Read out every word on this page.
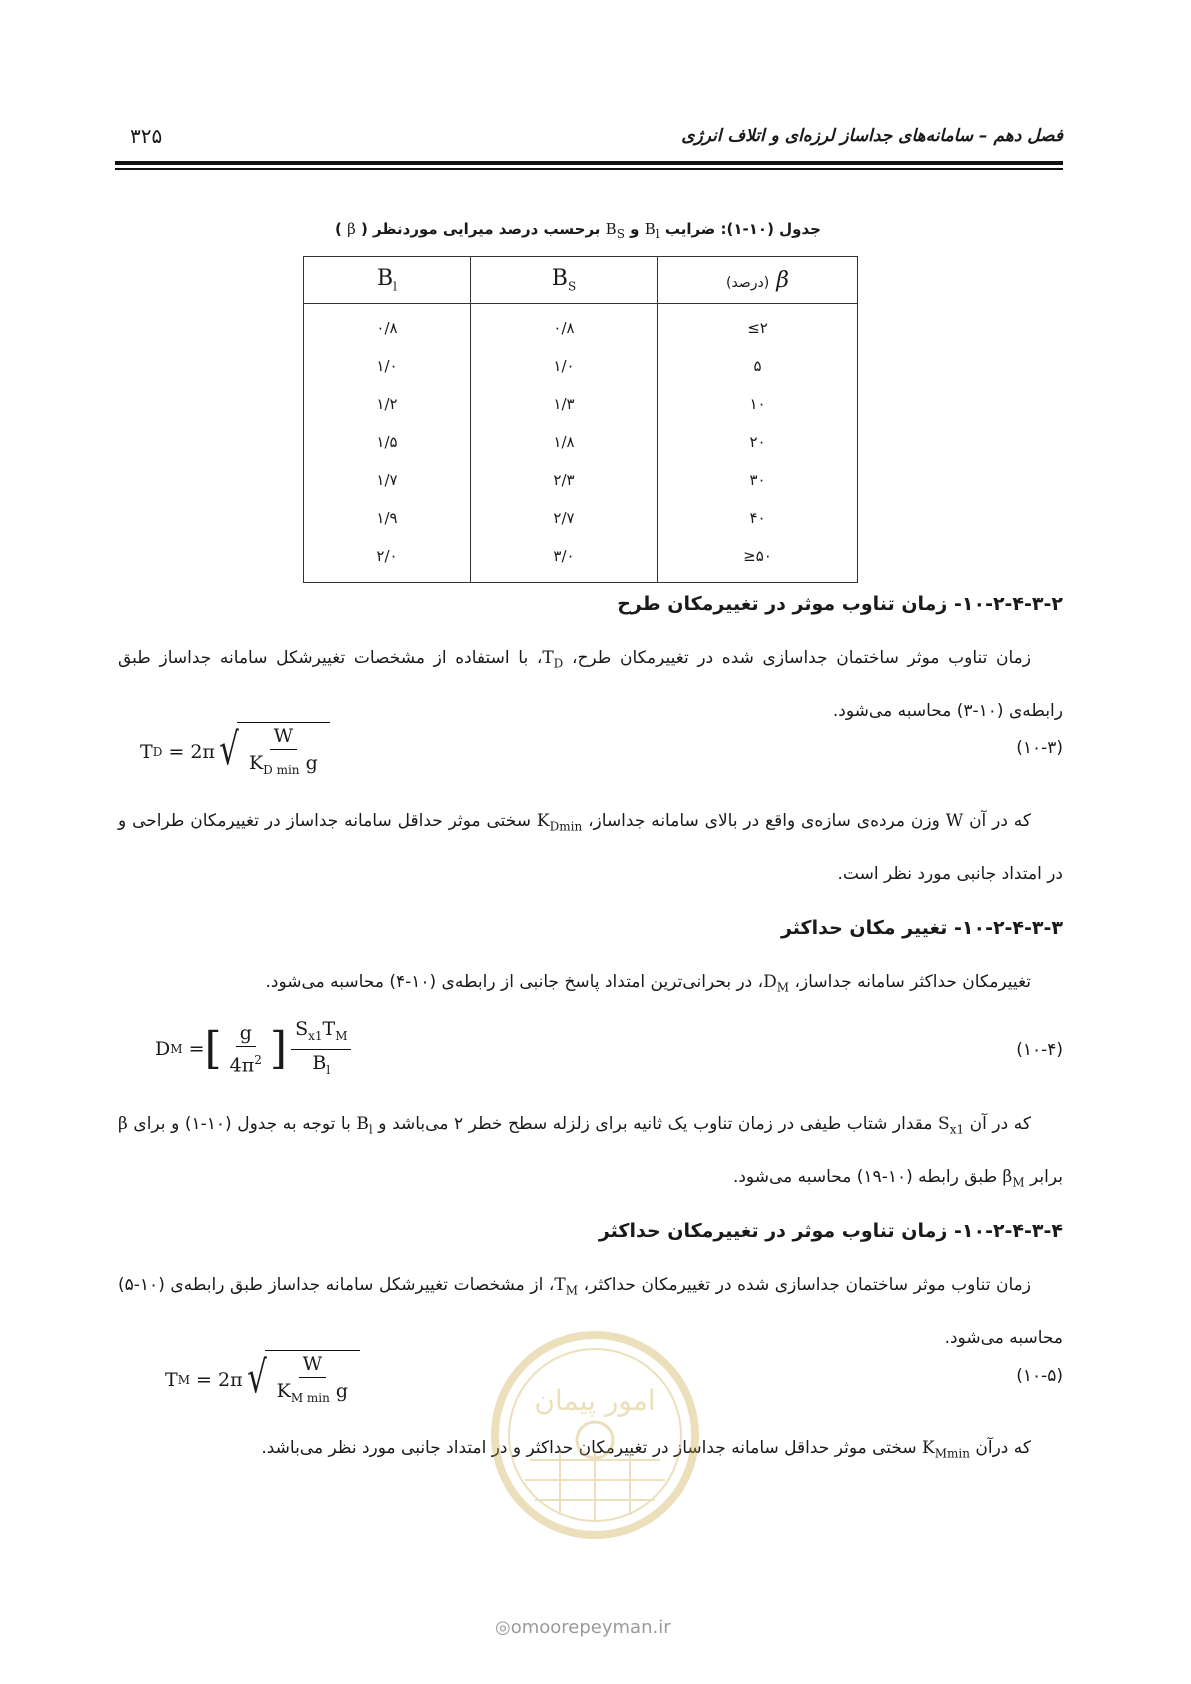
فصل دهم – سامانه‌های جداساز لرزه‌ای و اتلاف انرژی
۳۲۵
جدول (۱۰-۱): ضرایب $B_l$ و $B_S$ برحسب درصد میرایی موردنظر ( β )
$B_l$	$B_S$	(درصد) β
۰/۸	۰/۸	≤۲
۱/۰	۱/۰	۵
۱/۲	۱/۳	۱۰
۱/۵	۱/۸	۲۰
۱/۷	۲/۳	۳۰
۱/۹	۲/۷	۴۰
۲/۰	۳/۰	≥۵۰
۱۰-۲-۴-۳-۲- زمان تناوب موثر در تغییرمکان طرح
زمان تناوب موثر ساختمان جداسازی شده در تغییرمکان طرح، $T_D،$ با استفاده از مشخصات تغییرشکل سامانه جداساز طبق رابطه‌ی (۱۰-۳) محاسبه می‌شود.
(۱۰-۳)
T D
= 2π √ $\frac{W}{K_{D min} g}$
که در آن W وزن مرده‌ی سازه‌ی واقع در بالای سامانه جداساز، $K_{Dmin}$ سختی موثر حداقل سامانه جداساز در تغییرمکان طراحی و در امتداد جانبی مورد نظر است.
۱۰-۲-۴-۳-۳- تغییر مکان حداکثر
تغییرمکان حداکثر سامانه جداساز، $D_M،$ در بحرانی‌ترین امتداد پاسخ جانبی از رابطه‌ی (۱۰-۴) محاسبه می‌شود.
(۱۰-۴)
D M
= [ $\frac{g}{4\pi^2}$ ] $\frac{S_{x1}T_M}{B_l}$
که در آن $S_{x1}$ مقدار شتاب طیفی در زمان تناوب یک ثانیه برای زلزله سطح خطر ۲ می‌باشد و $B_l$ با توجه به جدول (۱۰-۱) و برای β برابر $\beta_M$ طبق رابطه (۱۰-۱۹) محاسبه می‌شود.
۱۰-۲-۴-۳-۴- زمان تناوب موثر در تغییرمکان حداکثر
زمان تناوب موثر ساختمان جداسازی شده در تغییرمکان حداکثر، $T_M،$ از مشخصات تغییرشکل سامانه جداساز طبق رابطه‌ی (۱۰-۵) محاسبه می‌شود.
(۱۰-۵)
T M
= 2π √ $\frac{W}{K_{M min} g}$
که درآن $K_{Mmin}$ سختی موثر حداقل سامانه جداساز در تغییرمکان حداکثر و در امتداد جانبی مورد نظر می‌باشد.
امور پیمان
◎omoorepeyman.ir
